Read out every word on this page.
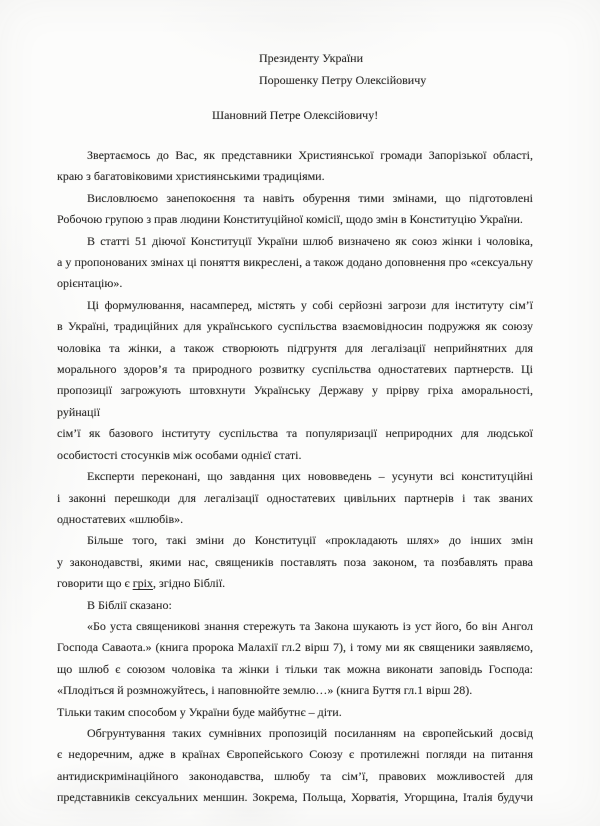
Президенту України
Порошенку Петру Олексійовичу
Шановний Петре Олексійовичу!

Звертаємось до Вас, як представники Християнської громади Запорізької області,
краю з багатовіковими християнськими традиціями.

Висловлюємо занепокоєння та навіть обурення тими змінами, що підготовлені
Робочою групою з прав людини Конституційної комісії, щодо змін в Конституцію України.

В статті 51 діючої Конституції України шлюб визначено як союз жінки і чоловіка,
а у пропонованих змінах ці поняття викреслені, а також додано доповнення про «сексуальну
орієнтацію».

Ці формулювання, насамперед, містять у собі серйозні загрози для інституту сім’ї
в Україні, традиційних для українського суспільства взаємовідносин подружжя як союзу
чоловіка та жінки, а також створюють підгрунтя для легалізації неприйнятних для
морального здоров’я та природного розвитку суспільства одностатевих партнерств. Ці
пропозиції загрожують штовхнути Українську Державу у прірву гріха аморальності, руйнації
сім’ї як базового інституту суспільства та популяризації неприродних для людської
особистості стосунків між особами однієї статі.

Експерти переконані, що завдання цих нововведень – усунути всі конституційні
і законні перешкоди для легалізації одностатевих цивільних партнерів і так званих
одностатевих «шлюбів».

Більше того, такі зміни до Конституції «прокладають шлях» до інших змін
у законодавстві, якими нас, священиків поставлять поза законом, та позбавлять права
говорити що є гріх, згідно Біблії.

В Біблії сказано:

«Бо уста священикові знання стережуть та Закона шукають із уст його, бо він Ангол
Господа Саваота.» (книга пророка Малахії гл.2 вірш 7), і тому ми як священики заявляємо,
що шлюб є союзом чоловіка та жінки і тільки так можна виконати заповідь Господа:
«Плодіться й розмножуйтесь, і наповнюйте землю…» (книга Буття гл.1 вірш 28).

Тільки таким способом у України буде майбутнє – діти.

Обгрунтування таких сумнівних пропозицій посиланням на європейський досвід
є недоречним, адже в країнах Європейського Союзу є протилежні погляди на питання
антидискримінаційного законодавства, шлюбу та сім’ї, правових можливостей для
представників сексуальних меншин. Зокрема, Польща, Хорватія, Угорщина, Італія будучи
